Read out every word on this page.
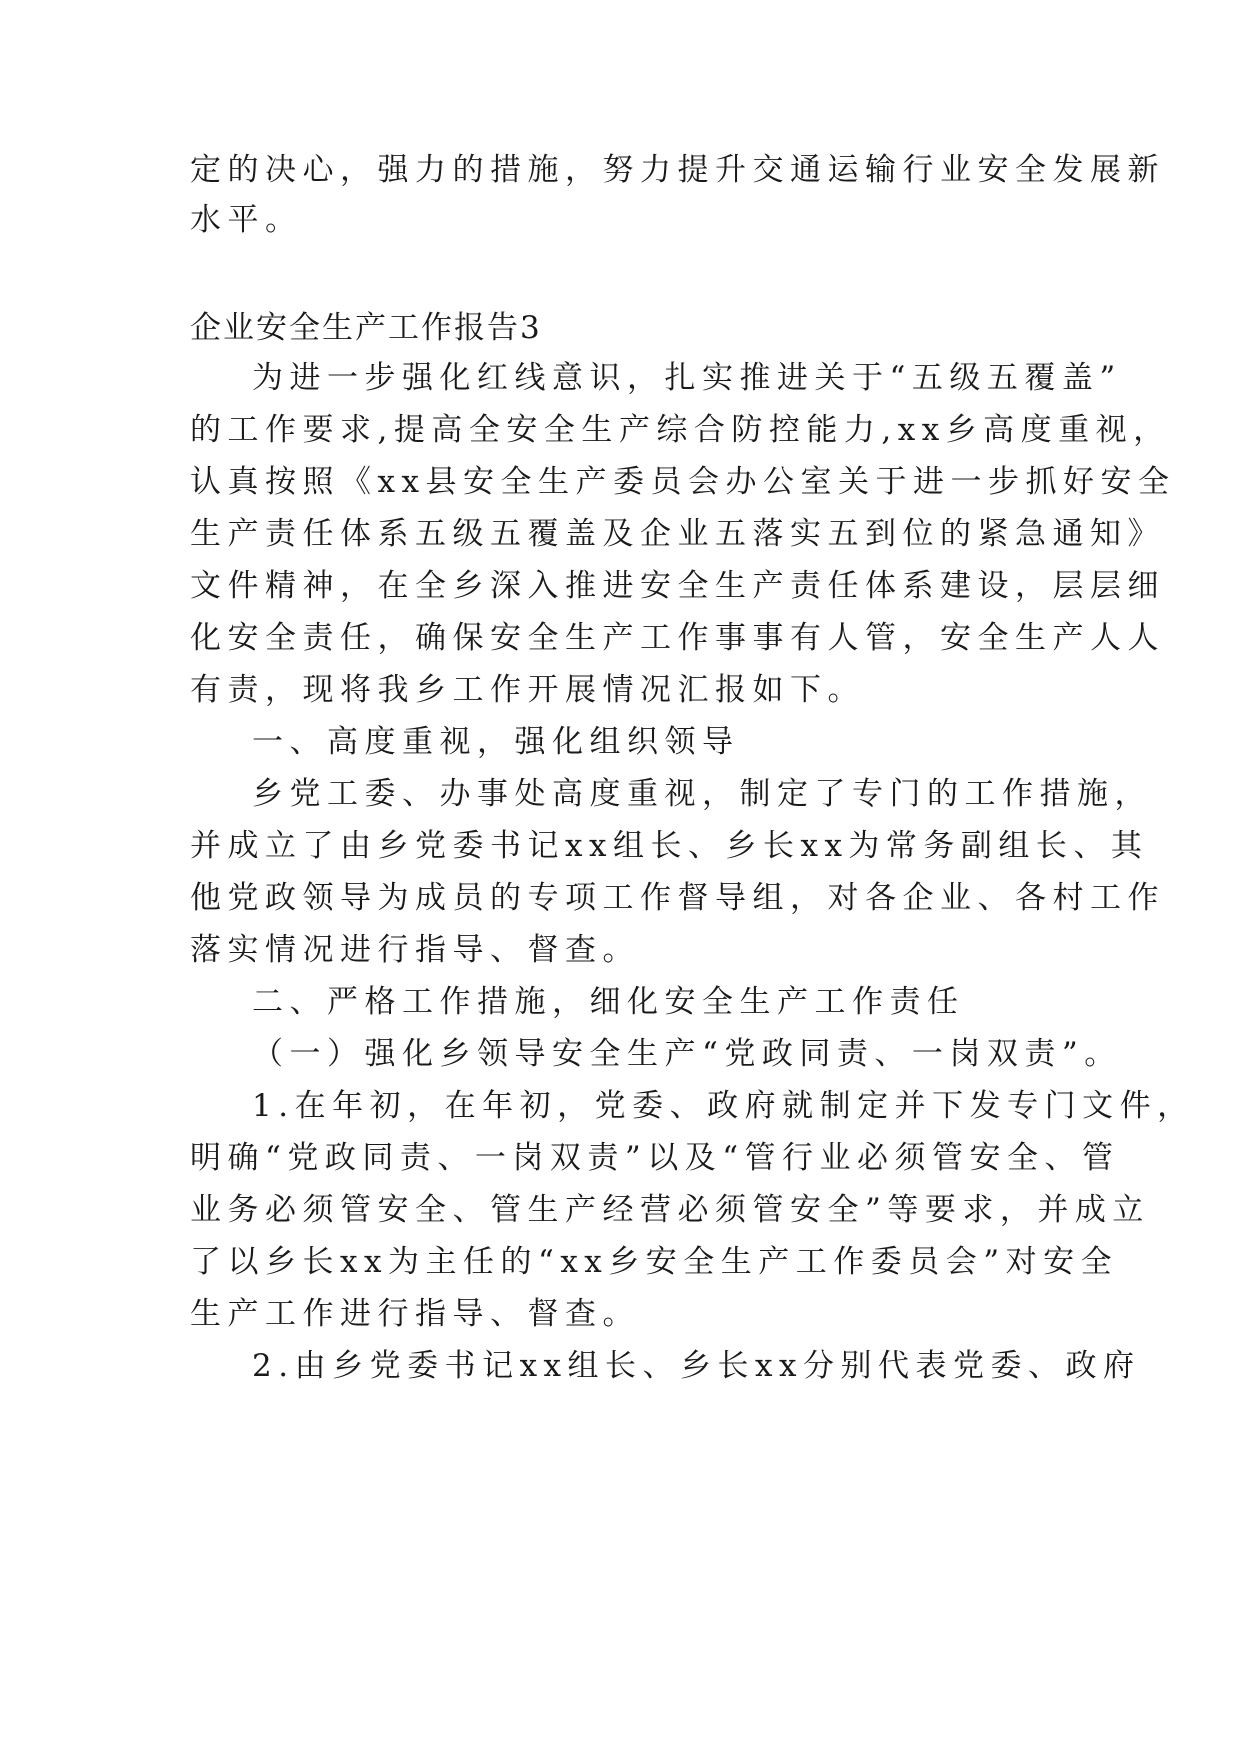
定的决心，强力的措施，努力提升交通运输行业安全发展新
水平。
企业安全生产工作报告3
为进一步强化红线意识，扎实推进关于“五级五覆盖”
的工作要求,提高全安全生产综合防控能力,xx乡高度重视，
认真按照《xx县安全生产委员会办公室关于进一步抓好安全
生产责任体系五级五覆盖及企业五落实五到位的紧急通知》
文件精神，在全乡深入推进安全生产责任体系建设，层层细
化安全责任，确保安全生产工作事事有人管，安全生产人人
有责，现将我乡工作开展情况汇报如下。
一、高度重视，强化组织领导
乡党工委、办事处高度重视，制定了专门的工作措施，
并成立了由乡党委书记xx组长、乡长xx为常务副组长、其
他党政领导为成员的专项工作督导组，对各企业、各村工作
落实情况进行指导、督查。
二、严格工作措施，细化安全生产工作责任
（一）强化乡领导安全生产“党政同责、一岗双责”。
1.在年初，在年初，党委、政府就制定并下发专门文件，
明确“党政同责、一岗双责”以及“管行业必须管安全、管
业务必须管安全、管生产经营必须管安全”等要求，并成立
了以乡长xx为主任的“xx乡安全生产工作委员会”对安全
生产工作进行指导、督查。
2.由乡党委书记xx组长、乡长xx分别代表党委、政府
